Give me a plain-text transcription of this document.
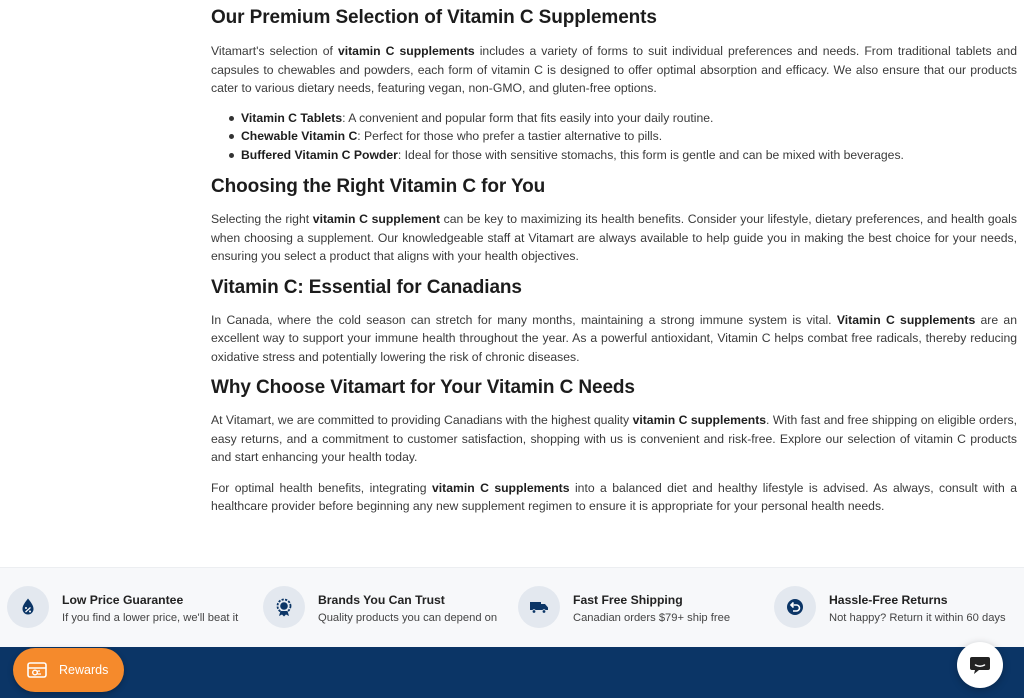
Our Premium Selection of Vitamin C Supplements

Vitamart's selection of vitamin C supplements includes a variety of forms to suit individual preferences and needs. From traditional tablets and capsules to chewables and powders, each form of vitamin C is designed to offer optimal absorption and efficacy. We also ensure that our products cater to various dietary needs, featuring vegan, non-GMO, and gluten-free options.

Vitamin C Tablets: A convenient and popular form that fits easily into your daily routine.
Chewable Vitamin C: Perfect for those who prefer a tastier alternative to pills.
Buffered Vitamin C Powder: Ideal for those with sensitive stomachs, this form is gentle and can be mixed with beverages.
Choosing the Right Vitamin C for You

Selecting the right vitamin C supplement can be key to maximizing its health benefits. Consider your lifestyle, dietary preferences, and health goals when choosing a supplement. Our knowledgeable staff at Vitamart are always available to help guide you in making the best choice for your needs, ensuring you select a product that aligns with your health objectives.

Vitamin C: Essential for Canadians

In Canada, where the cold season can stretch for many months, maintaining a strong immune system is vital. Vitamin C supplements are an excellent way to support your immune health throughout the year. As a powerful antioxidant, Vitamin C helps combat free radicals, thereby reducing oxidative stress and potentially lowering the risk of chronic diseases.

Why Choose Vitamart for Your Vitamin C Needs

At Vitamart, we are committed to providing Canadians with the highest quality vitamin C supplements. With fast and free shipping on eligible orders, easy returns, and a commitment to customer satisfaction, shopping with us is convenient and risk-free. Explore our selection of vitamin C products and start enhancing your health today.

For optimal health benefits, integrating vitamin C supplements into a balanced diet and healthy lifestyle is advised. As always, consult with a healthcare provider before beginning any new supplement regimen to ensure it is appropriate for your personal health needs.

Low Price Guarantee
If you find a lower price, we'll beat it
Brands You Can Trust
Quality products you can depend on
Fast Free Shipping
Canadian orders $79+ ship free
Hassle-Free Returns
Not happy? Return it within 60 days
Rewards
